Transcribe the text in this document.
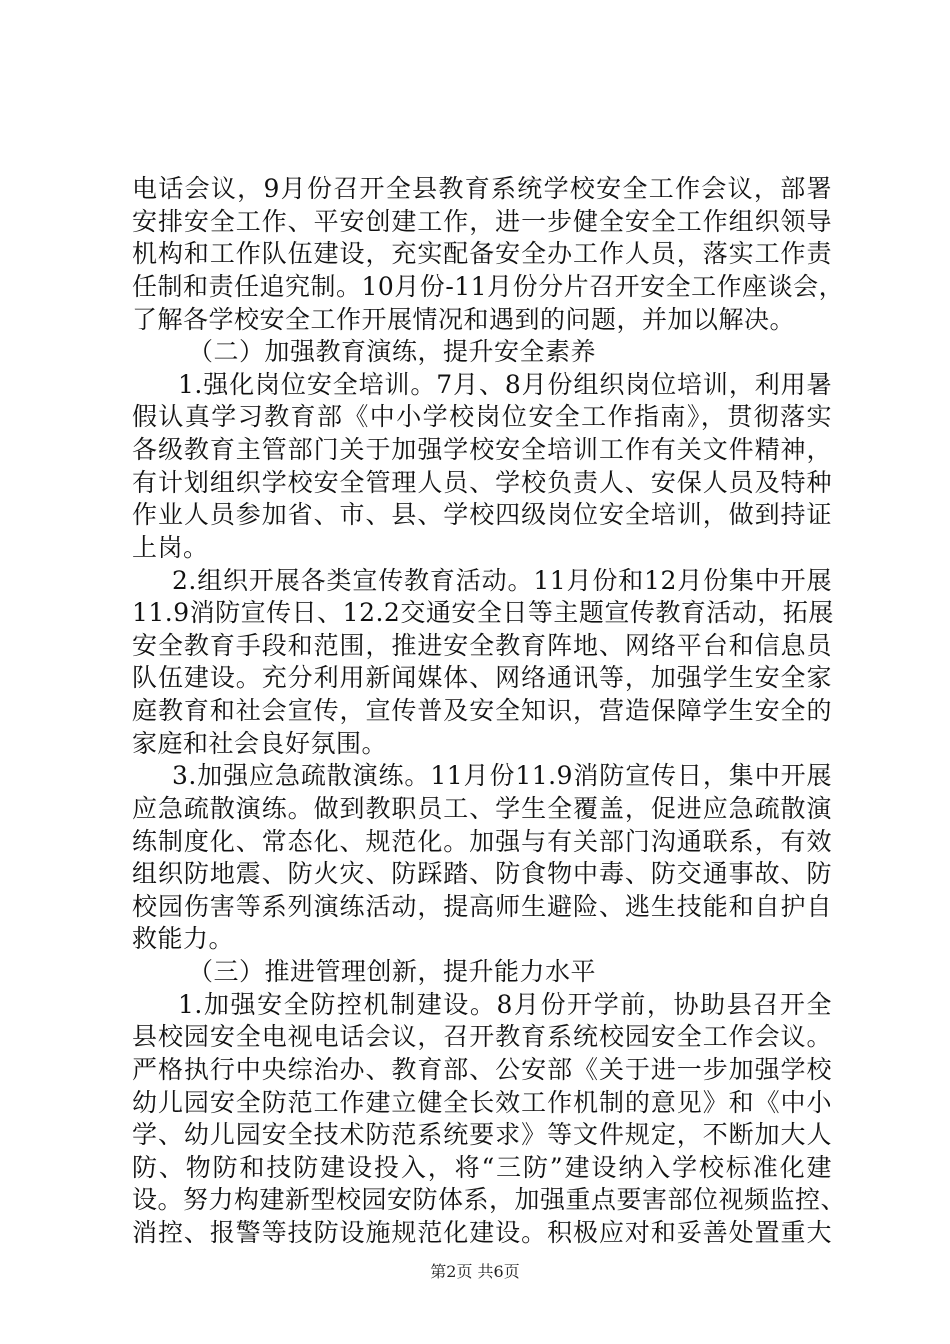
电话会议，9月份召开全县教育系统学校安全工作会议，部署
安排安全工作、平安创建工作，进一步健全安全工作组织领导
机构和工作队伍建设，充实配备安全办工作人员，落实工作责
任制和责任追究制。10月份-11月份分片召开安全工作座谈会，
了解各学校安全工作开展情况和遇到的问题，并加以解决。
（二）加强教育演练，提升安全素养
1.强化岗位安全培训。7月、8月份组织岗位培训，利用暑
假认真学习教育部《中小学校岗位安全工作指南》，贯彻落实
各级教育主管部门关于加强学校安全培训工作有关文件精神，
有计划组织学校安全管理人员、学校负责人、安保人员及特种
作业人员参加省、市、县、学校四级岗位安全培训，做到持证
上岗。
2.组织开展各类宣传教育活动。11月份和12月份集中开展
11.9消防宣传日、12.2交通安全日等主题宣传教育活动，拓展
安全教育手段和范围，推进安全教育阵地、网络平台和信息员
队伍建设。充分利用新闻媒体、网络通讯等，加强学生安全家
庭教育和社会宣传，宣传普及安全知识，营造保障学生安全的
家庭和社会良好氛围。
3.加强应急疏散演练。11月份11.9消防宣传日，集中开展
应急疏散演练。做到教职员工、学生全覆盖，促进应急疏散演
练制度化、常态化、规范化。加强与有关部门沟通联系，有效
组织防地震、防火灾、防踩踏、防食物中毒、防交通事故、防
校园伤害等系列演练活动，提高师生避险、逃生技能和自护自
救能力。
（三）推进管理创新，提升能力水平
1.加强安全防控机制建设。8月份开学前，协助县召开全
县校园安全电视电话会议，召开教育系统校园安全工作会议。
严格执行中央综治办、教育部、公安部《关于进一步加强学校
幼儿园安全防范工作建立健全长效工作机制的意见》和《中小
学、幼儿园安全技术防范系统要求》等文件规定，不断加大人
防、物防和技防建设投入，将“三防”建设纳入学校标准化建
设。努力构建新型校园安防体系，加强重点要害部位视频监控、
消控、报警等技防设施规范化建设。积极应对和妥善处置重大
第2页 共6页
